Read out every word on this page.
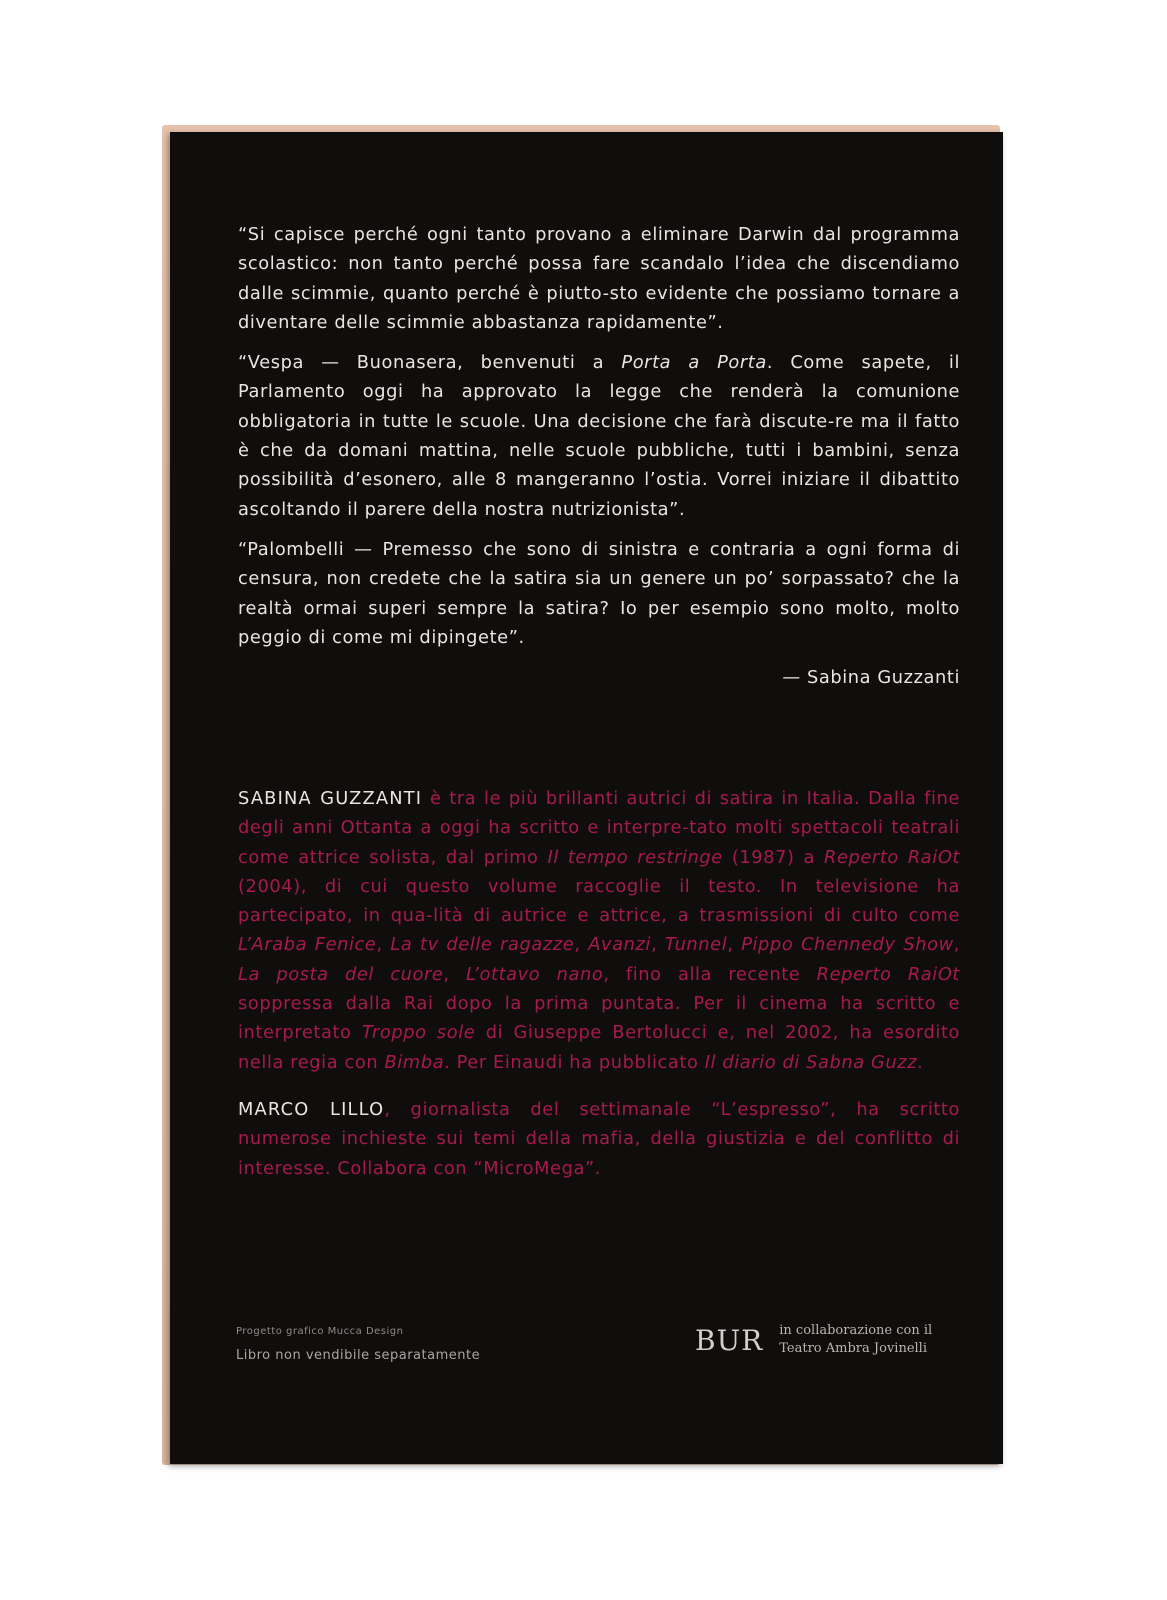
“Si capisce perché ogni tanto provano a eliminare Darwin dal programma scolastico: non tanto perché possa fare scandalo l’idea che discendiamo dalle scimmie, quanto perché è piutto-sto evidente che possiamo tornare a diventare delle scimmie abbastanza rapidamente”.

“Vespa — Buonasera, benvenuti a Porta a Porta. Come sapete, il Parlamento oggi ha approvato la legge che renderà la comunione obbligatoria in tutte le scuole. Una decisione che farà discute-re ma il fatto è che da domani mattina, nelle scuole pubbliche, tutti i bambini, senza possibilità d’esonero, alle 8 mangeranno l’ostia. Vorrei iniziare il dibattito ascoltando il parere della nostra nutrizionista”.

“Palombelli — Premesso che sono di sinistra e contraria a ogni forma di censura, non credete che la satira sia un genere un po’ sorpassato? che la realtà ormai superi sempre la satira? Io per esempio sono molto, molto peggio di come mi dipingete”.

— Sabina Guzzanti

SABINA GUZZANTI è tra le più brillanti autrici di satira in Italia. Dalla fine degli anni Ottanta a oggi ha scritto e interpre-tato molti spettacoli teatrali come attrice solista, dal primo Il tempo restringe (1987) a Reperto RaiOt (2004), di cui questo volume raccoglie il testo. In televisione ha partecipato, in qua-lità di autrice e attrice, a trasmissioni di culto come L’Araba Fenice, La tv delle ragazze, Avanzi, Tunnel, Pippo Chennedy Show, La posta del cuore, L’ottavo nano, fino alla recente Reperto RaiOt soppressa dalla Rai dopo la prima puntata. Per il cinema ha scritto e interpretato Troppo sole di Giuseppe Bertolucci e, nel 2002, ha esordito nella regia con Bimba. Per Einaudi ha pubblicato Il diario di Sabna Guzz.

MARCO LILLO, giornalista del settimanale “L’espresso”, ha scritto numerose inchieste sui temi della mafia, della giustizia e del conflitto di interesse. Collabora con “MicroMega”.

Progetto grafico Mucca Design
Libro non vendibile separatamente	BUR in collaborazione con il
Teatro Ambra Jovinelli
